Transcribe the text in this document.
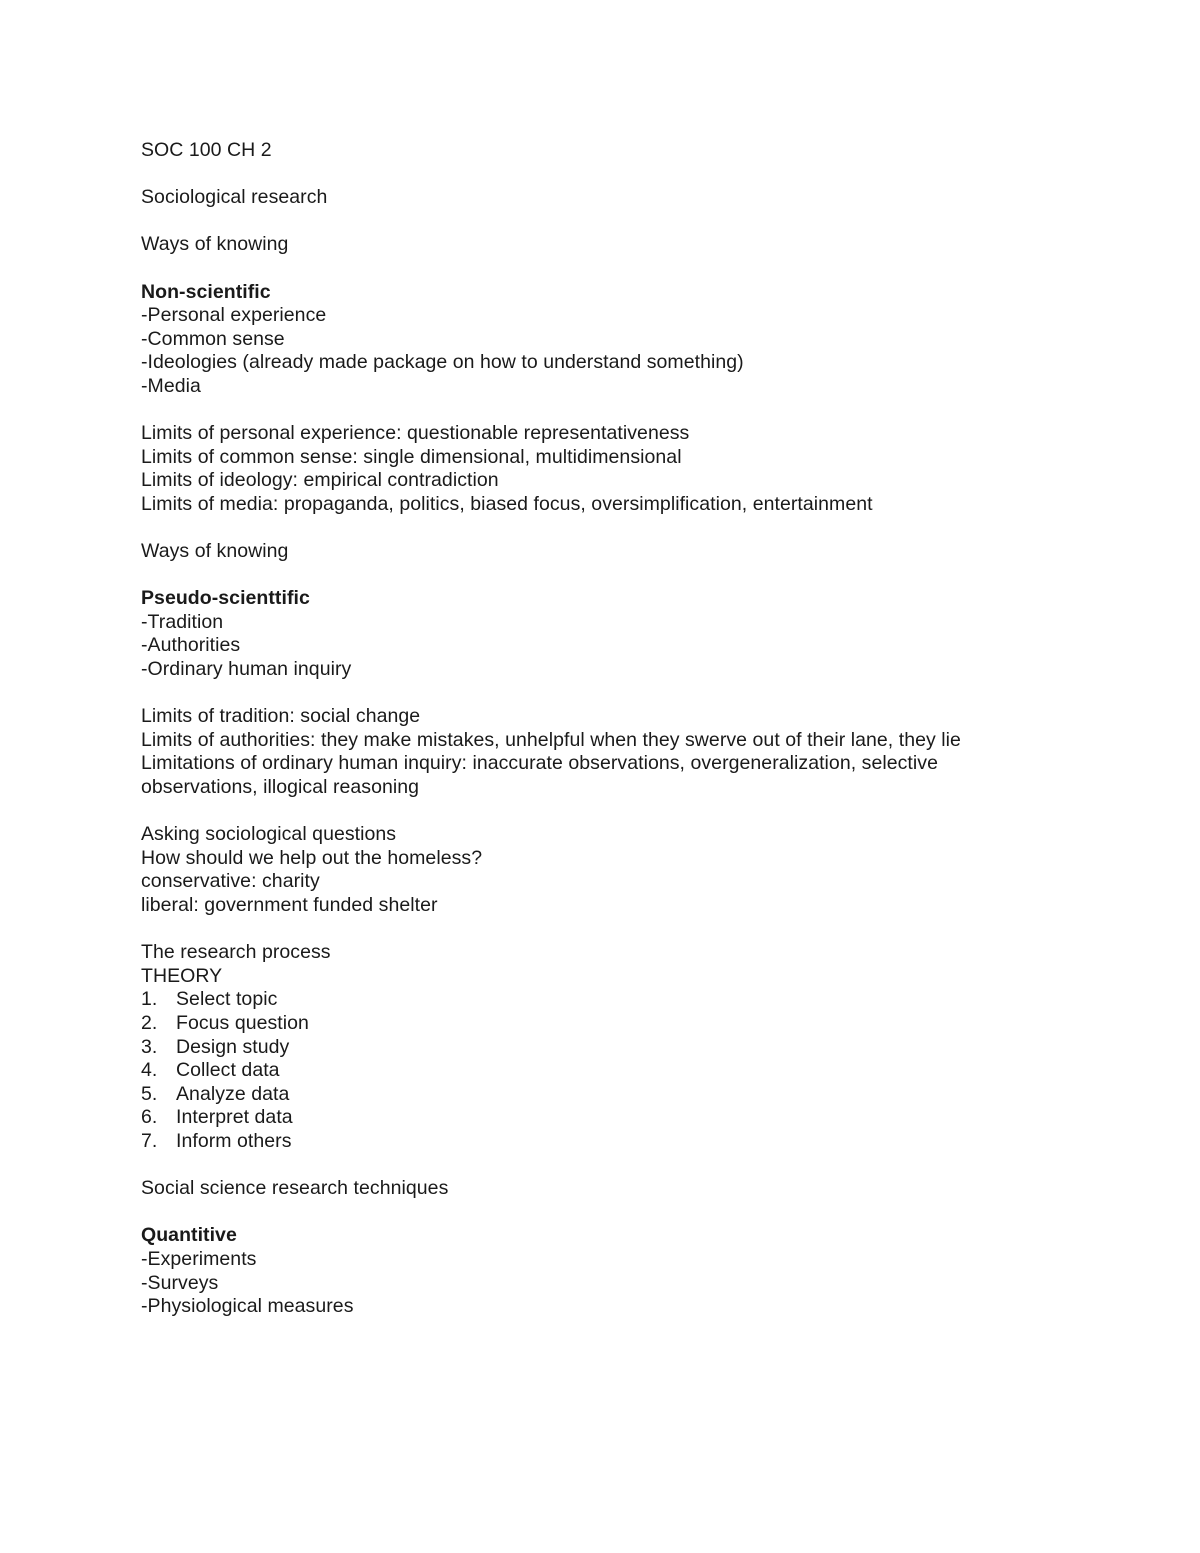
SOC 100 CH 2
Sociological research
Ways of knowing
Non-scientific
-Personal experience
-Common sense
-Ideologies (already made package on how to understand something)
-Media
Limits of personal experience: questionable representativeness
Limits of common sense: single dimensional, multidimensional
Limits of ideology: empirical contradiction
Limits of media: propaganda, politics, biased focus, oversimplification, entertainment
Ways of knowing
Pseudo-scienttific
-Tradition
-Authorities
-Ordinary human inquiry
Limits of tradition: social change
Limits of authorities: they make mistakes, unhelpful when they swerve out of their lane, they lie
Limitations of ordinary human inquiry: inaccurate observations, overgeneralization, selective observations, illogical reasoning
Asking sociological questions
How should we help out the homeless?
conservative: charity
liberal: government funded shelter
The research process
THEORY
1. Select topic
2. Focus question
3. Design study
4. Collect data
5. Analyze data
6. Interpret data
7. Inform others
Social science research techniques
Quantitive
-Experiments
-Surveys
-Physiological measures
